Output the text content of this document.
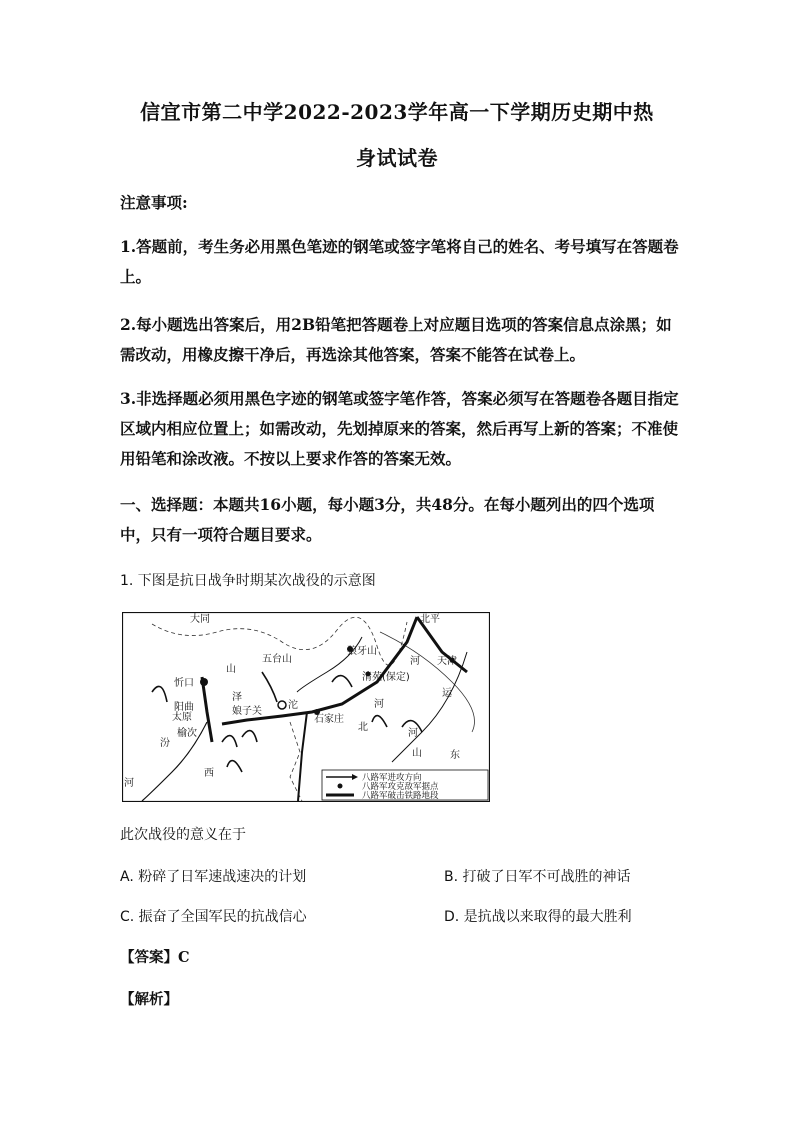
信宜市第二中学2022-2023学年高一下学期历史期中热
身试试卷
注意事项:
1.答题前，考生务必用黑色笔迹的钢笔或签字笔将自己的姓名、考号填写在答题卷上。
2.每小题选出答案后，用2B铅笔把答题卷上对应题目选项的答案信息点涂黑；如需改动，用橡皮擦干净后，再选涂其他答案，答案不能答在试卷上。
3.非选择题必须用黑色字迹的钢笔或签字笔作答，答案必须写在答题卷各题目指定区域内相应位置上；如需改动，先划掉原来的答案，然后再写上新的答案；不准使用铅笔和涂改液。不按以上要求作答的答案无效。
一、选择题：本题共16小题，每小题3分，共48分。在每小题列出的四个选项中，只有一项符合题目要求。
1. 下图是抗日战争时期某次战役的示意图
大同	北平
五台山
狼牙山
天津
河
山
忻口
清苑(保定)
运
阳曲
太原
泽
娘子关
沱
石家庄
河
榆次
北
河
汾
山	东
西
河	八路军进攻方向
八路军攻克敌军据点
八路军破击铁路地段
此次战役的意义在于
A. 粉碎了日军速战速决的计划	B. 打破了日军不可战胜的神话
C. 振奋了全国军民的抗战信心	D. 是抗战以来取得的最大胜利
【答案】C
【解析】
